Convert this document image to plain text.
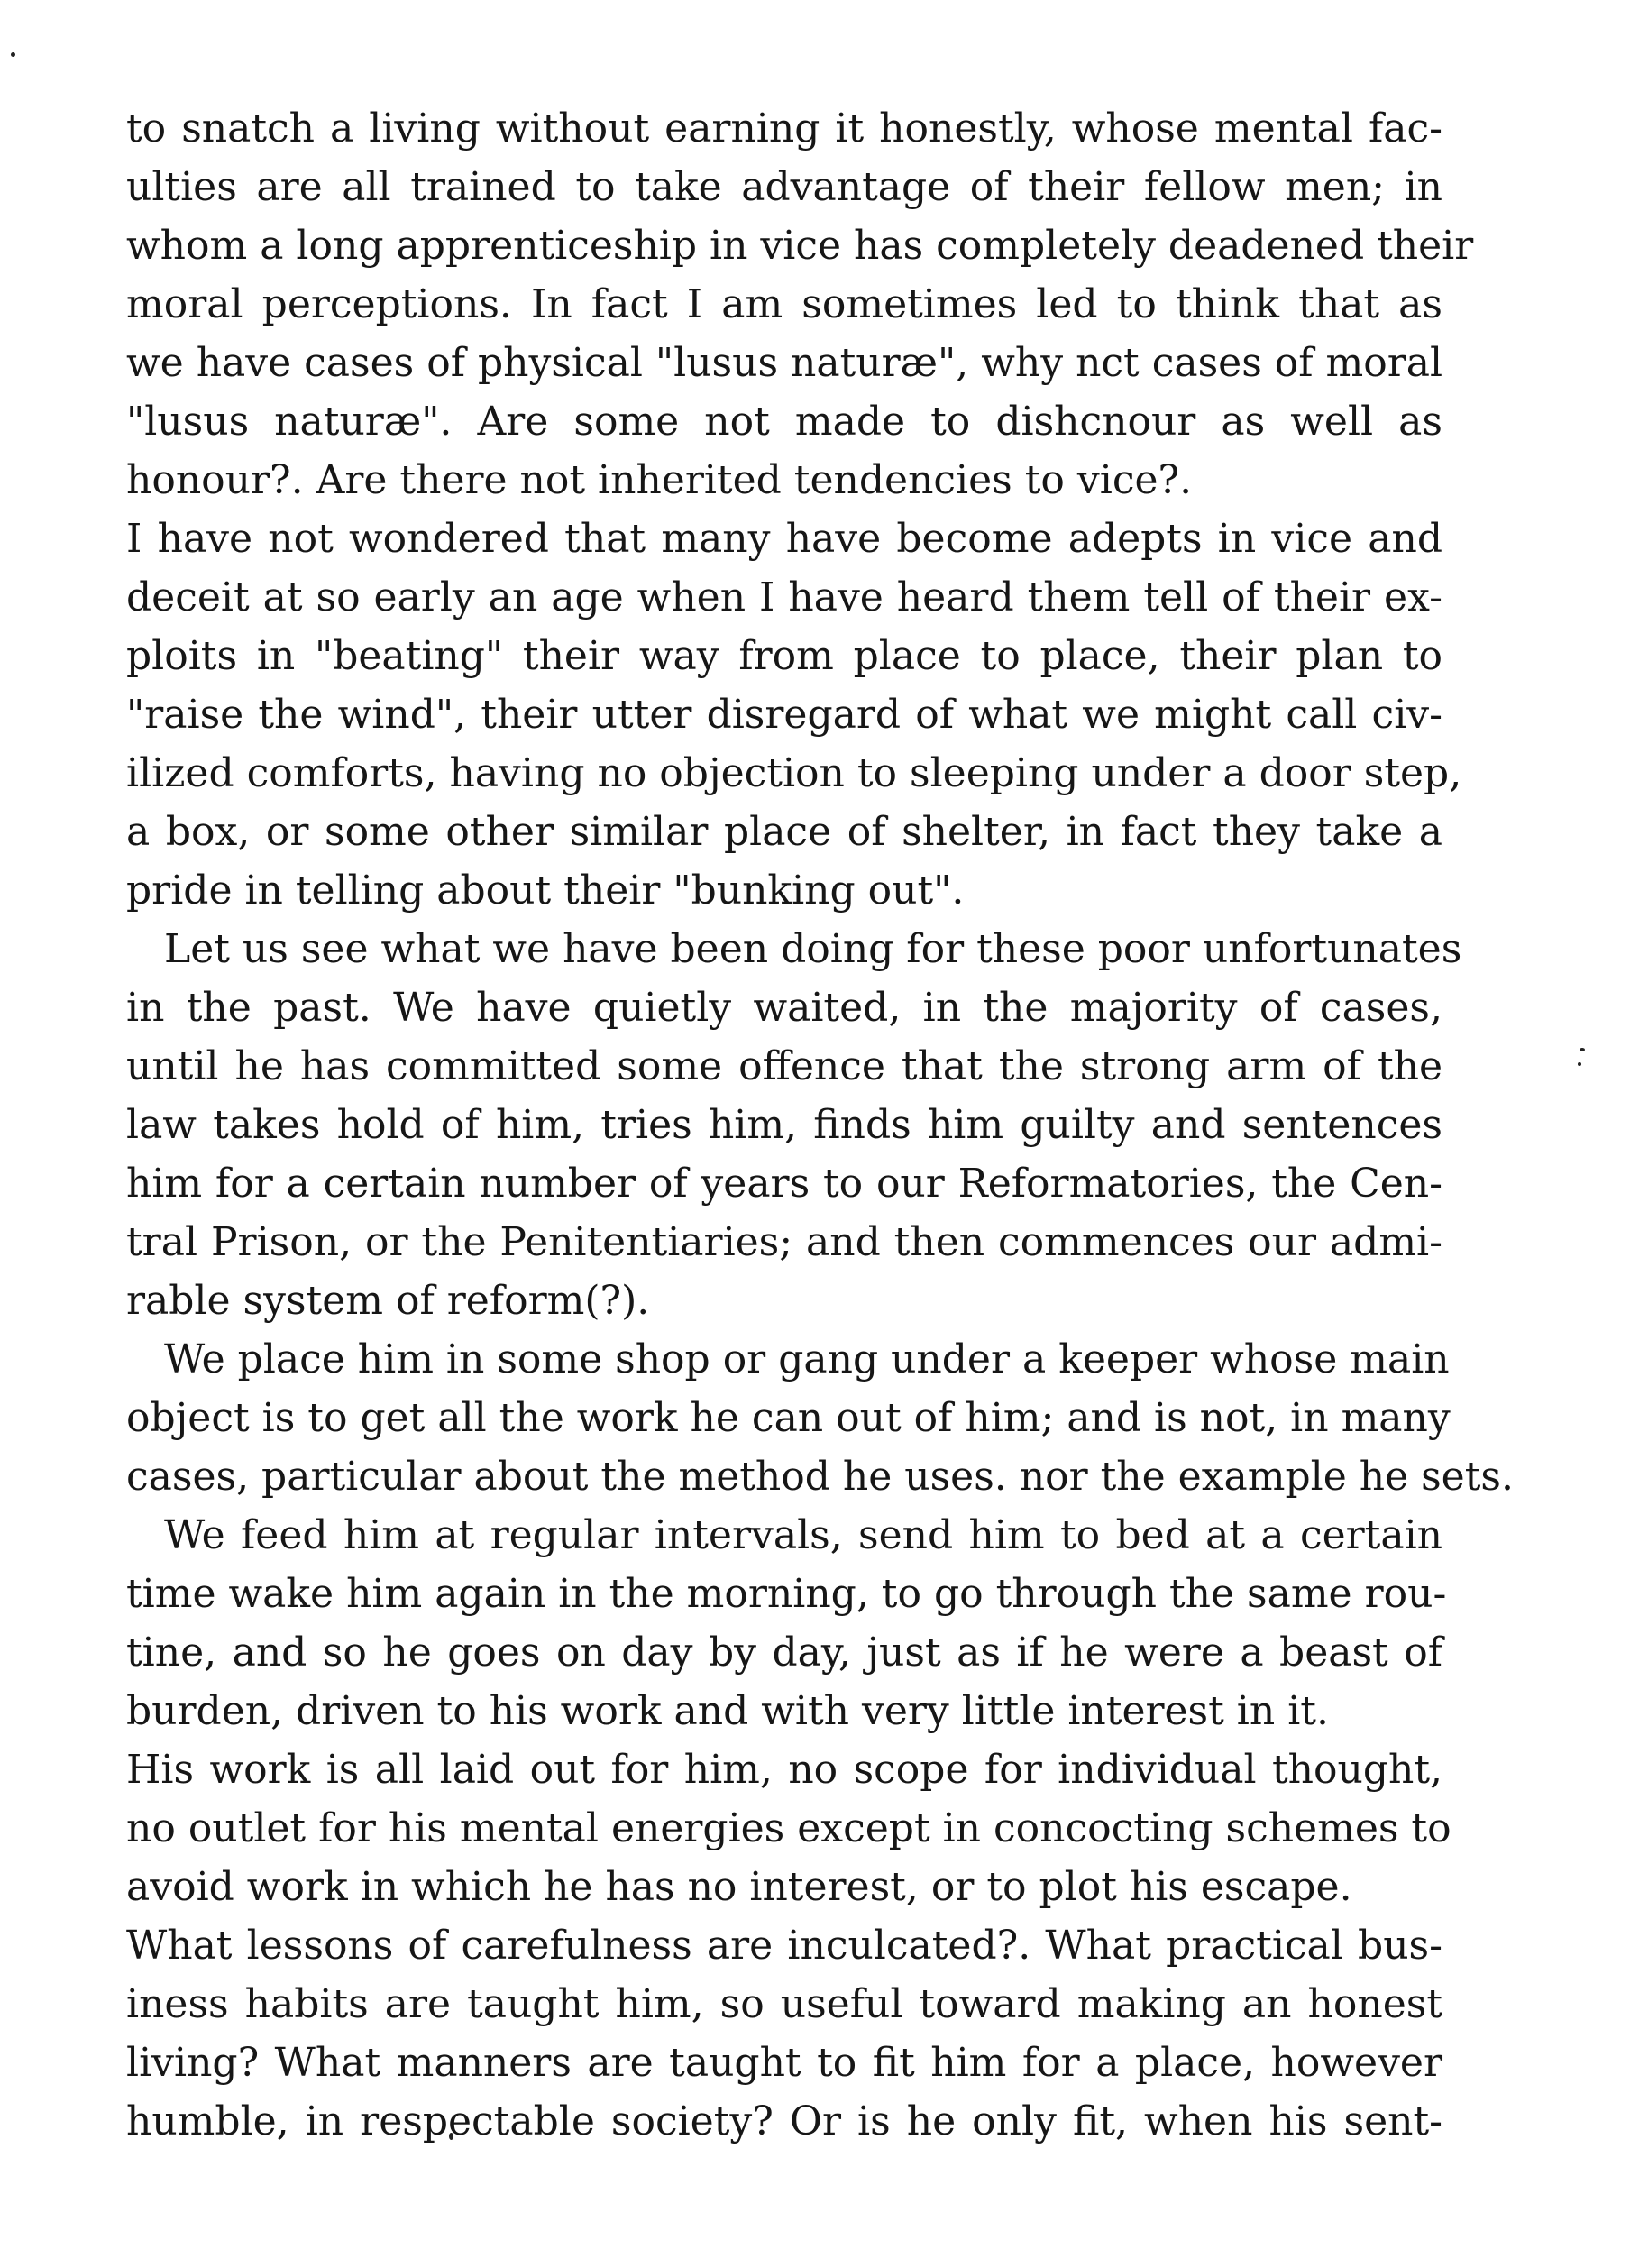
to snatch a living without earning it honestly, whose mental fac-
ulties are all trained to take advantage of their fellow men; in
whom a long apprenticeship in vice has completely deadened their
moral perceptions. In fact I am sometimes led to think that as
we have cases of physical "lusus naturæ", why nct cases of moral
"lusus naturæ". Are some not made to dishcnour as well as
honour?. Are there not inherited tendencies to vice?.
I have not wondered that many have become adepts in vice and
deceit at so early an age when I have heard them tell of their ex-
ploits in "beating" their way from place to place, their plan to
"raise the wind", their utter disregard of what we might call civ-
ilized comforts, having no objection to sleeping under a door step,
a box, or some other similar place of shelter, in fact they take a
pride in telling about their "bunking out".
Let us see what we have been doing for these poor unfortunates
in the past. We have quietly waited, in the majority of cases,
until he has committed some offence that the strong arm of the
law takes hold of him, tries him, finds him guilty and sentences
him for a certain number of years to our Reformatories, the Cen-
tral Prison, or the Penitentiaries; and then commences our admi-
rable system of reform(?).
We place him in some shop or gang under a keeper whose main
object is to get all the work he can out of him; and is not, in many
cases, particular about the method he uses. nor the example he sets.
We feed him at regular intervals, send him to bed at a certain
time wake him again in the morning, to go through the same rou-
tine, and so he goes on day by day, just as if he were a beast of
burden, driven to his work and with very little interest in it.
His work is all laid out for him, no scope for individual thought,
no outlet for his mental energies except in concocting schemes to
avoid work in which he has no interest, or to plot his escape.
What lessons of carefulness are inculcated?. What practical bus-
iness habits are taught him, so useful toward making an honest
living? What manners are taught to fit him for a place, however
humble, in respectable society? Or is he only fit, when his sent-
